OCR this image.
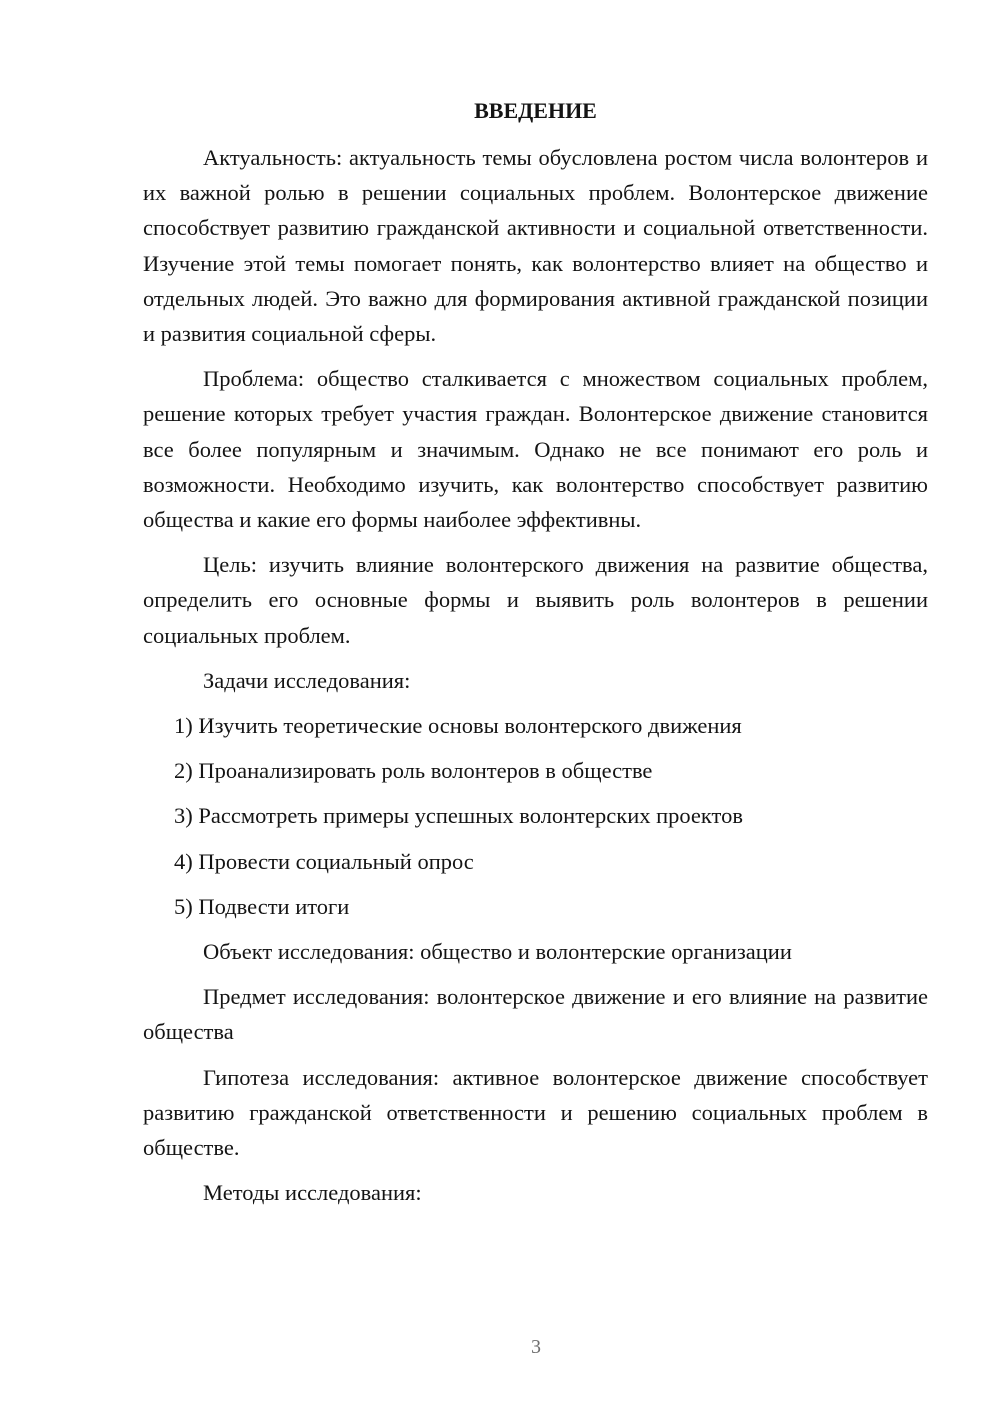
ВВЕДЕНИЕ

Актуальность: актуальность темы обусловлена ростом числа волонтеров и их важной ролью в решении социальных проблем. Волонтерское движение способствует развитию гражданской активности и социальной ответственности. Изучение этой темы помогает понять, как волонтерство влияет на общество и отдельных людей. Это важно для формирования активной гражданской позиции и развития социальной сферы.

Проблема: общество сталкивается с множеством социальных проблем, решение которых требует участия граждан. Волонтерское движение становится все более популярным и значимым. Однако не все понимают его роль и возможности. Необходимо изучить, как волонтерство способствует развитию общества и какие его формы наиболее эффективны.

Цель: изучить влияние волонтерского движения на развитие общества, определить его основные формы и выявить роль волонтеров в решении социальных проблем.

Задачи исследования:

1) Изучить теоретические основы волонтерского движения
2) Проанализировать роль волонтеров в обществе
3) Рассмотреть примеры успешных волонтерских проектов
4) Провести социальный опрос
5) Подвести итоги

Объект исследования: общество и волонтерские организации

Предмет исследования: волонтерское движение и его влияние на развитие общества

Гипотеза исследования: активное волонтерское движение способствует развитию гражданской ответственности и решению социальных проблем в обществе.

Методы исследования:

3
